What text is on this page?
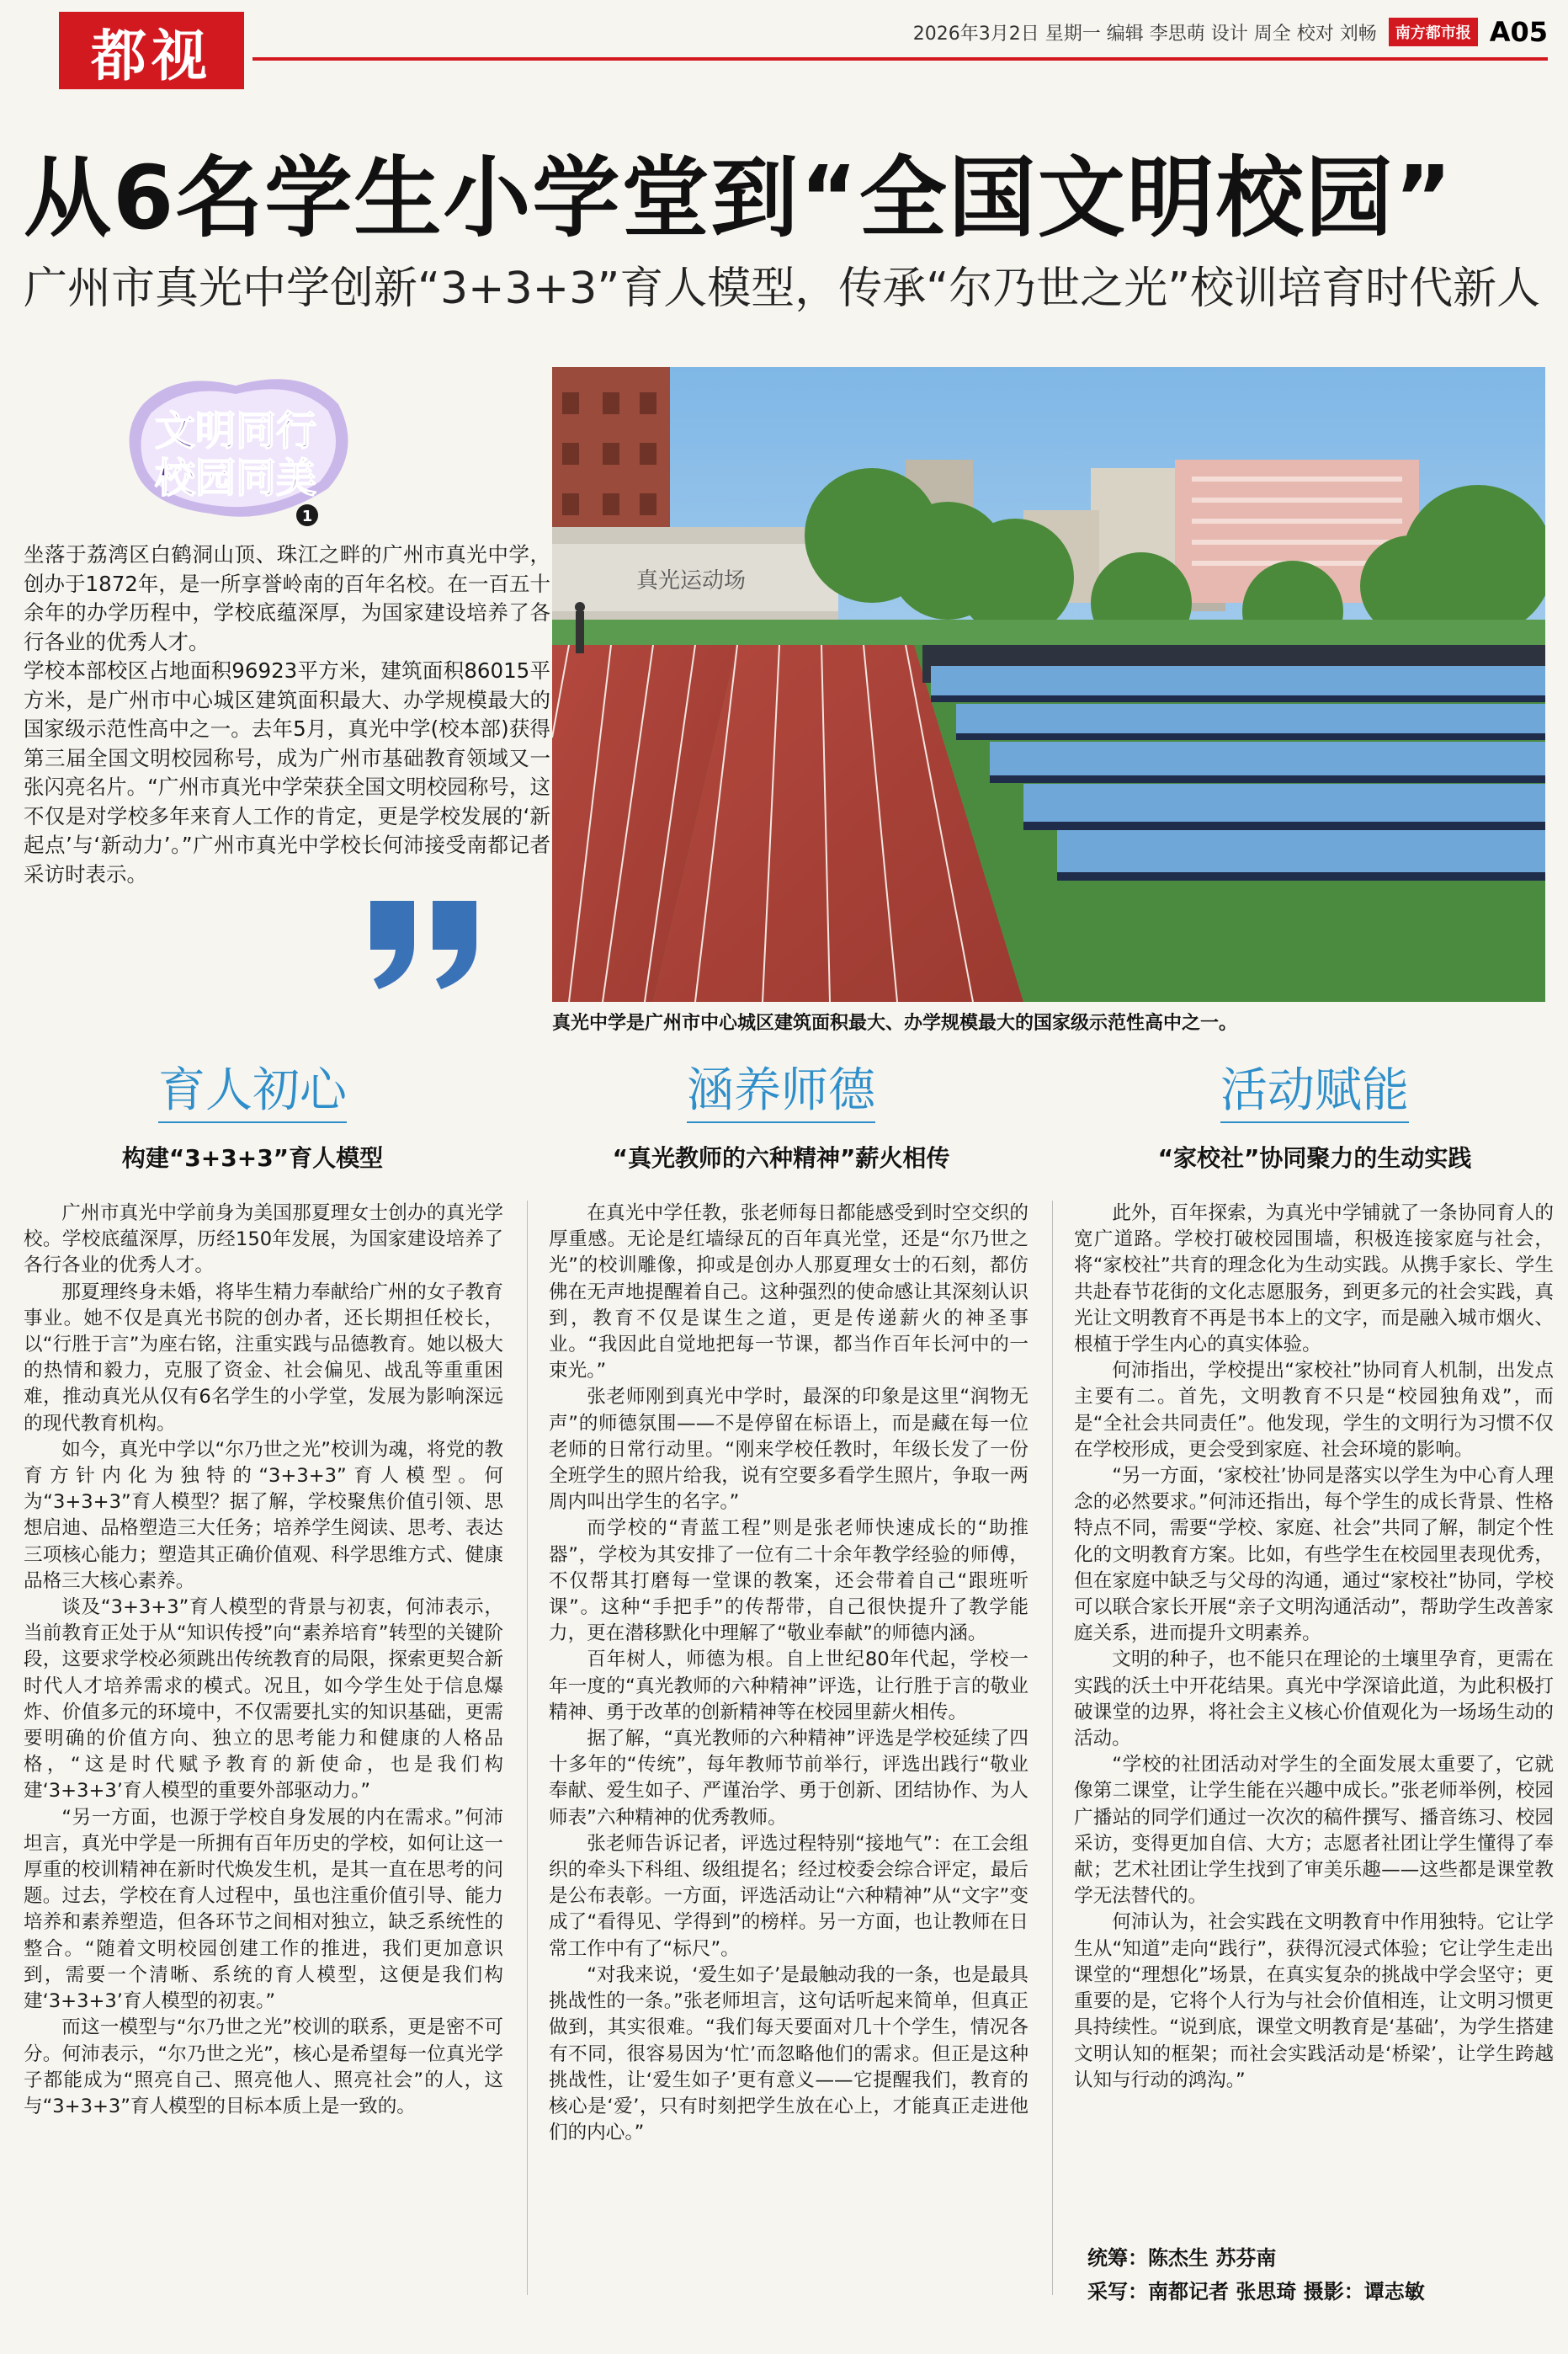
都视	2026年3月2日 星期一 编辑 李思萌 设计 周全 校对 刘畅	南方都市报 A05
从6名学生小学堂到“全国文明校园”
广州市真光中学创新“3+3+3”育人模型，传承“尔乃世之光”校训培育时代新人
文明同行
校园同美
1

坐落于荔湾区白鹤洞山顶、珠江之畔的广州市真光中学，创办于1872年，是一所享誉岭南的百年名校。在一百五十余年的办学历程中，学校底蕴深厚，为国家建设培养了各行各业的优秀人才。

学校本部校区占地面积96923平方米，建筑面积86015平方米，是广州市中心城区建筑面积最大、办学规模最大的国家级示范性高中之一。去年5月，真光中学(校本部)获得第三届全国文明校园称号，成为广州市基础教育领域又一张闪亮名片。“广州市真光中学荣获全国文明校园称号，这不仅是对学校多年来育人工作的肯定，更是学校发展的‘新起点’与‘新动力’。”广州市真光中学校长何沛接受南都记者采访时表示。

真光运动场
真光中学是广州市中心城区建筑面积最大、办学规模最大的国家级示范性高中之一。
育人初心
构建“3+3+3”育人模型
涵养师德
“真光教师的六种精神”薪火相传
活动赋能
“家校社”协同聚力的生动实践

广州市真光中学前身为美国那夏理女士创办的真光学校。学校底蕴深厚，历经150年发展，为国家建设培养了各行各业的优秀人才。

那夏理终身未婚，将毕生精力奉献给广州的女子教育事业。她不仅是真光书院的创办者，还长期担任校长，以“行胜于言”为座右铭，注重实践与品德教育。她以极大的热情和毅力，克服了资金、社会偏见、战乱等重重困难，推动真光从仅有6名学生的小学堂，发展为影响深远的现代教育机构。

如今，真光中学以“尔乃世之光”校训为魂，将党的教育方针内化为独特的“3+3+3”育人模型。何为“3+3+3”育人模型？据了解，学校聚焦价值引领、思想启迪、品格塑造三大任务；培养学生阅读、思考、表达三项核心能力；塑造其正确价值观、科学思维方式、健康品格三大核心素养。

谈及“3+3+3”育人模型的背景与初衷，何沛表示，当前教育正处于从“知识传授”向“素养培育”转型的关键阶段，这要求学校必须跳出传统教育的局限，探索更契合新时代人才培养需求的模式。况且，如今学生处于信息爆炸、价值多元的环境中，不仅需要扎实的知识基础，更需要明确的价值方向、独立的思考能力和健康的人格品格，“这是时代赋予教育的新使命，也是我们构建‘3+3+3’育人模型的重要外部驱动力。”

“另一方面，也源于学校自身发展的内在需求。”何沛坦言，真光中学是一所拥有百年历史的学校，如何让这一厚重的校训精神在新时代焕发生机，是其一直在思考的问题。过去，学校在育人过程中，虽也注重价值引导、能力培养和素养塑造，但各环节之间相对独立，缺乏系统性的整合。“随着文明校园创建工作的推进，我们更加意识到，需要一个清晰、系统的育人模型，这便是我们构建‘3+3+3’育人模型的初衷。”

而这一模型与“尔乃世之光”校训的联系，更是密不可分。何沛表示，“尔乃世之光”，核心是希望每一位真光学子都能成为“照亮自己、照亮他人、照亮社会”的人，这与“3+3+3”育人模型的目标本质上是一致的。

在真光中学任教，张老师每日都能感受到时空交织的厚重感。无论是红墙绿瓦的百年真光堂，还是“尔乃世之光”的校训雕像，抑或是创办人那夏理女士的石刻，都仿佛在无声地提醒着自己。这种强烈的使命感让其深刻认识到，教育不仅是谋生之道，更是传递薪火的神圣事业。“我因此自觉地把每一节课，都当作百年长河中的一束光。”

张老师刚到真光中学时，最深的印象是这里“润物无声”的师德氛围——不是停留在标语上，而是藏在每一位老师的日常行动里。“刚来学校任教时，年级长发了一份全班学生的照片给我，说有空要多看学生照片，争取一两周内叫出学生的名字。”

而学校的“青蓝工程”则是张老师快速成长的“助推器”，学校为其安排了一位有二十余年教学经验的师傅，不仅帮其打磨每一堂课的教案，还会带着自己“跟班听课”。这种“手把手”的传帮带，自己很快提升了教学能力，更在潜移默化中理解了“敬业奉献”的师德内涵。

百年树人，师德为根。自上世纪80年代起，学校一年一度的“真光教师的六种精神”评选，让行胜于言的敬业精神、勇于改革的创新精神等在校园里薪火相传。

据了解，“真光教师的六种精神”评选是学校延续了四十多年的“传统”，每年教师节前举行，评选出践行“敬业奉献、爱生如子、严谨治学、勇于创新、团结协作、为人师表”六种精神的优秀教师。

张老师告诉记者，评选过程特别“接地气”：在工会组织的牵头下科组、级组提名；经过校委会综合评定，最后是公布表彰。一方面，评选活动让“六种精神”从“文字”变成了“看得见、学得到”的榜样。另一方面，也让教师在日常工作中有了“标尺”。

“对我来说，‘爱生如子’是最触动我的一条，也是最具挑战性的一条。”张老师坦言，这句话听起来简单，但真正做到，其实很难。“我们每天要面对几十个学生，情况各有不同，很容易因为‘忙’而忽略他们的需求。但正是这种挑战性，让‘爱生如子’更有意义——它提醒我们，教育的核心是‘爱’，只有时刻把学生放在心上，才能真正走进他们的内心。”

此外，百年探索，为真光中学铺就了一条协同育人的宽广道路。学校打破校园围墙，积极连接家庭与社会，将“家校社”共育的理念化为生动实践。从携手家长、学生共赴春节花街的文化志愿服务，到更多元的社会实践，真光让文明教育不再是书本上的文字，而是融入城市烟火、根植于学生内心的真实体验。

何沛指出，学校提出“家校社”协同育人机制，出发点主要有二。首先，文明教育不只是“校园独角戏”，而是“全社会共同责任”。他发现，学生的文明行为习惯不仅在学校形成，更会受到家庭、社会环境的影响。

“另一方面，‘家校社’协同是落实以学生为中心育人理念的必然要求。”何沛还指出，每个学生的成长背景、性格特点不同，需要“学校、家庭、社会”共同了解，制定个性化的文明教育方案。比如，有些学生在校园里表现优秀，但在家庭中缺乏与父母的沟通，通过“家校社”协同，学校可以联合家长开展“亲子文明沟通活动”，帮助学生改善家庭关系，进而提升文明素养。

文明的种子，也不能只在理论的土壤里孕育，更需在实践的沃土中开花结果。真光中学深谙此道，为此积极打破课堂的边界，将社会主义核心价值观化为一场场生动的活动。

“学校的社团活动对学生的全面发展太重要了，它就像第二课堂，让学生能在兴趣中成长。”张老师举例，校园广播站的同学们通过一次次的稿件撰写、播音练习、校园采访，变得更加自信、大方；志愿者社团让学生懂得了奉献；艺术社团让学生找到了审美乐趣——这些都是课堂教学无法替代的。

何沛认为，社会实践在文明教育中作用独特。它让学生从“知道”走向“践行”，获得沉浸式体验；它让学生走出课堂的“理想化”场景，在真实复杂的挑战中学会坚守；更重要的是，它将个人行为与社会价值相连，让文明习惯更具持续性。“说到底，课堂文明教育是‘基础’，为学生搭建文明认知的框架；而社会实践活动是‘桥梁’，让学生跨越认知与行动的鸿沟。”

统筹：陈杰生 苏芬南
采写：南都记者 张思琦 摄影：谭志敏
